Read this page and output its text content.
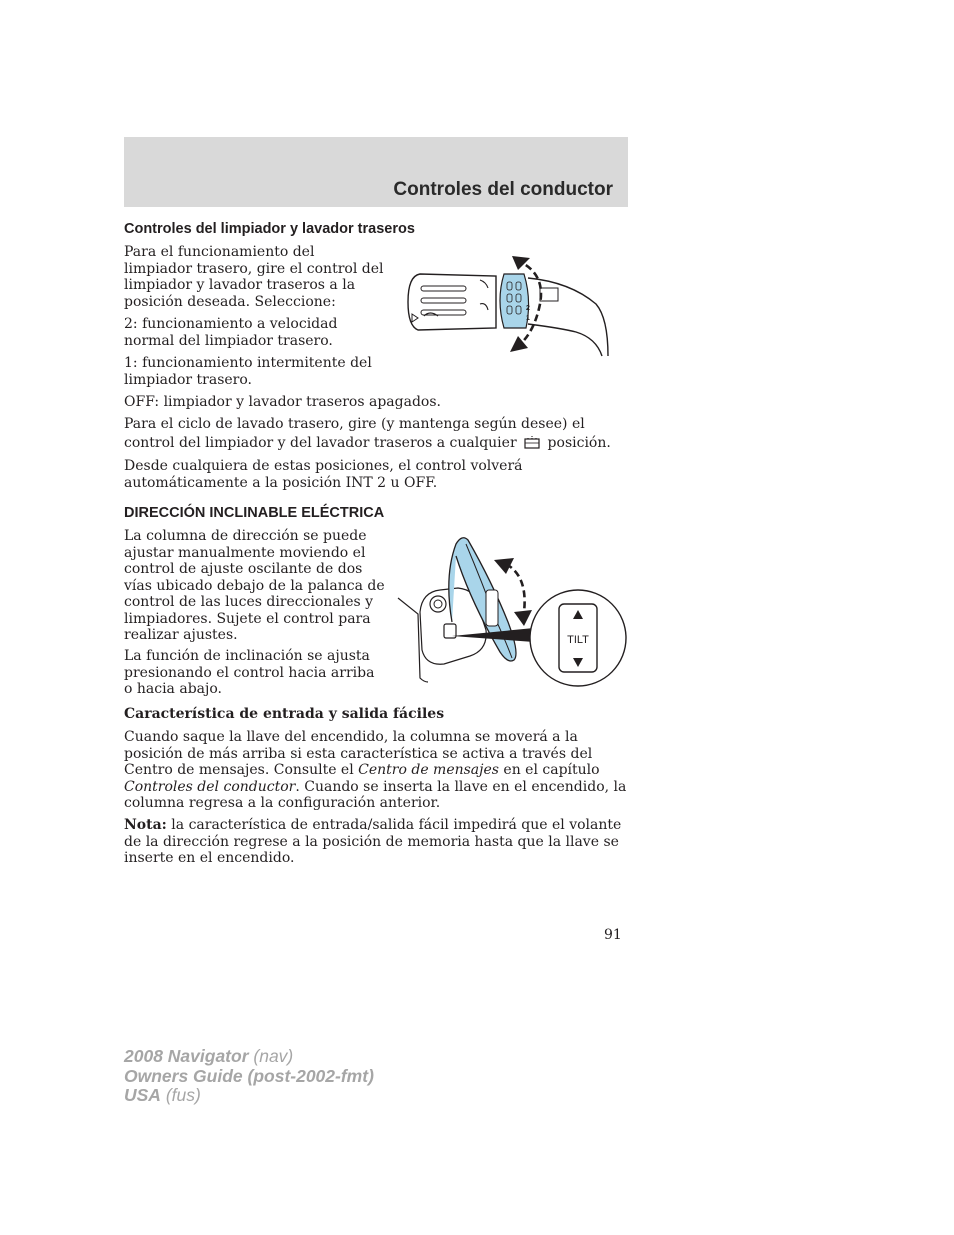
Controles del conductor
Controles del limpiador y lavador traseros

Para el funcionamiento del limpiador trasero, gire el control del limpiador y lavador traseros a la posición deseada. Seleccione:

2: funcionamiento a velocidad normal del limpiador trasero.

1: funcionamiento intermitente del limpiador trasero.

OFF: limpiador y lavador traseros apagados.

Para el ciclo de lavado trasero, gire (y mantenga según desee) el control del limpiador y del lavador traseros a cualquier posición.

Desde cualquiera de estas posiciones, el control volverá automáticamente a la posición INT 2 u OFF.

2
1
DIRECCIÓN INCLINABLE ELÉCTRICA

La columna de dirección se puede ajustar manualmente moviendo el control de ajuste oscilante de dos vías ubicado debajo de la palanca de control de las luces direccionales y limpiadores. Sujete el control para realizar ajustes.

La función de inclinación se ajusta presionando el control hacia arriba o hacia abajo.

TILT
Característica de entrada y salida fáciles

Cuando saque la llave del encendido, la columna se moverá a la posición de más arriba si esta característica se activa a través del Centro de mensajes. Consulte el Centro de mensajes en el capítulo Controles del conductor. Cuando se inserta la llave en el encendido, la columna regresa a la configuración anterior.

Nota: la característica de entrada/salida fácil impedirá que el volante de la dirección regrese a la posición de memoria hasta que la llave se inserte en el encendido.

91
2008 Navigator (nav)
Owners Guide (post-2002-fmt)
USA (fus)
